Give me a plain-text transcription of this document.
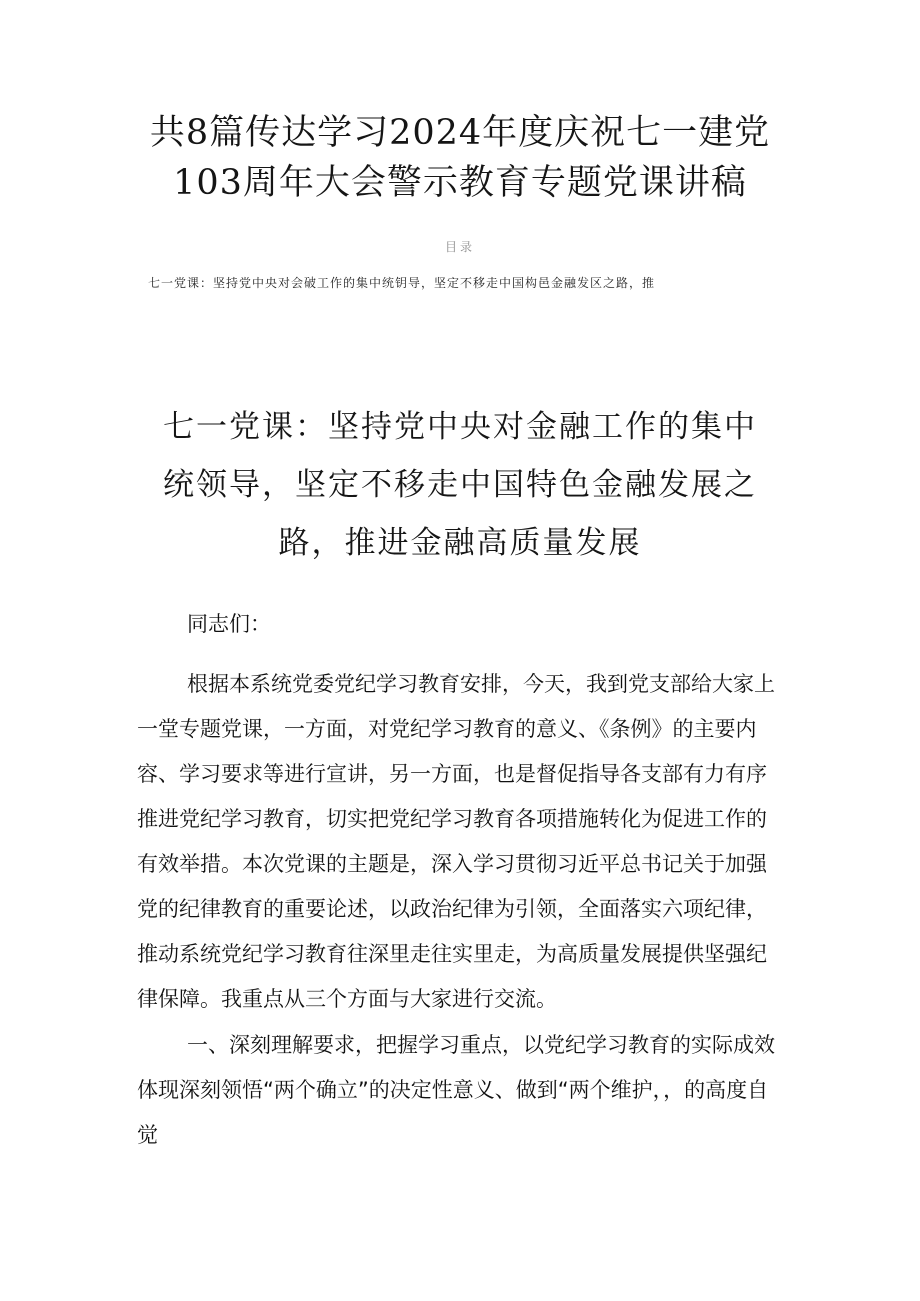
共8篇传达学习2024年度庆祝七一建党
103周年大会警示教育专题党课讲稿
目录
七一党课：坚持党中央对会破工作的集中统钥导，坚定不移走中国构邑金融发区之路，推
七一党课：坚持党中央对金融工作的集中
统领导，坚定不移走中国特色金融发展之
路，推进金融高质量发展
同志们：

根据本系统党委党纪学习教育安排，今天，我到党支部给大家上一堂专题党课，一方面，对党纪学习教育的意义、《条例》的主要内容、学习要求等进行宣讲，另一方面，也是督促指导各支部有力有序推进党纪学习教育，切实把党纪学习教育各项措施转化为促进工作的有效举措。本次党课的主题是，深入学习贯彻习近平总书记关于加强党的纪律教育的重要论述，以政治纪律为引领，全面落实六项纪律，推动系统党纪学习教育往深里走往实里走，为高质量发展提供坚强纪律保障。我重点从三个方面与大家进行交流。

一、深刻理解要求，把握学习重点，以党纪学习教育的实际成效体现深刻领悟“两个确立”的决定性意义、做到“两个维护，，的高度自觉
